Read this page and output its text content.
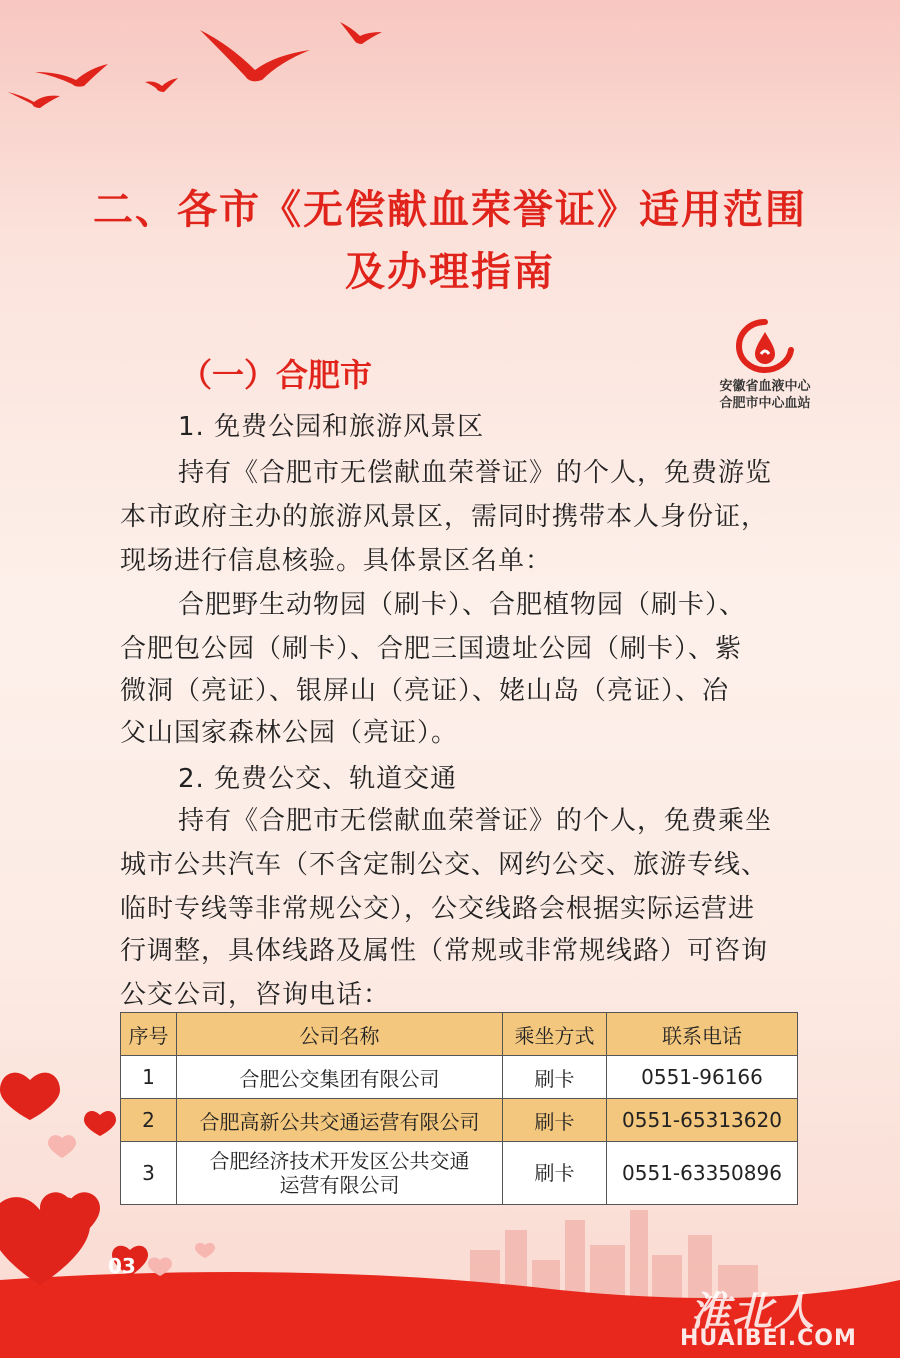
二、各市《无偿献血荣誉证》适用范围
及办理指南
安徽省血液中心
合肥市中心血站
（一）合肥市
1. 免费公园和旅游风景区
持有《合肥市无偿献血荣誉证》的个人，免费游览
本市政府主办的旅游风景区，需同时携带本人身份证，
现场进行信息核验。具体景区名单：
合肥野生动物园（刷卡）、合肥植物园（刷卡）、
合肥包公园（刷卡）、合肥三国遗址公园（刷卡）、紫
微洞（亮证）、银屏山（亮证）、姥山岛（亮证）、冶
父山国家森林公园（亮证）。
2. 免费公交、轨道交通
持有《合肥市无偿献血荣誉证》的个人，免费乘坐
城市公共汽车（不含定制公交、网约公交、旅游专线、
临时专线等非常规公交），公交线路会根据实际运营进
行调整，具体线路及属性（常规或非常规线路）可咨询
公交公司，咨询电话：
序号	公司名称	乘坐方式	联系电话
1	合肥公交集团有限公司	刷卡	0551-96166
2	合肥高新公共交通运营有限公司	刷卡	0551-65313620
3	合肥经济技术开发区公共交通
运营有限公司	刷卡	0551-63350896
03
淮北人
HUAIBEI.COM
